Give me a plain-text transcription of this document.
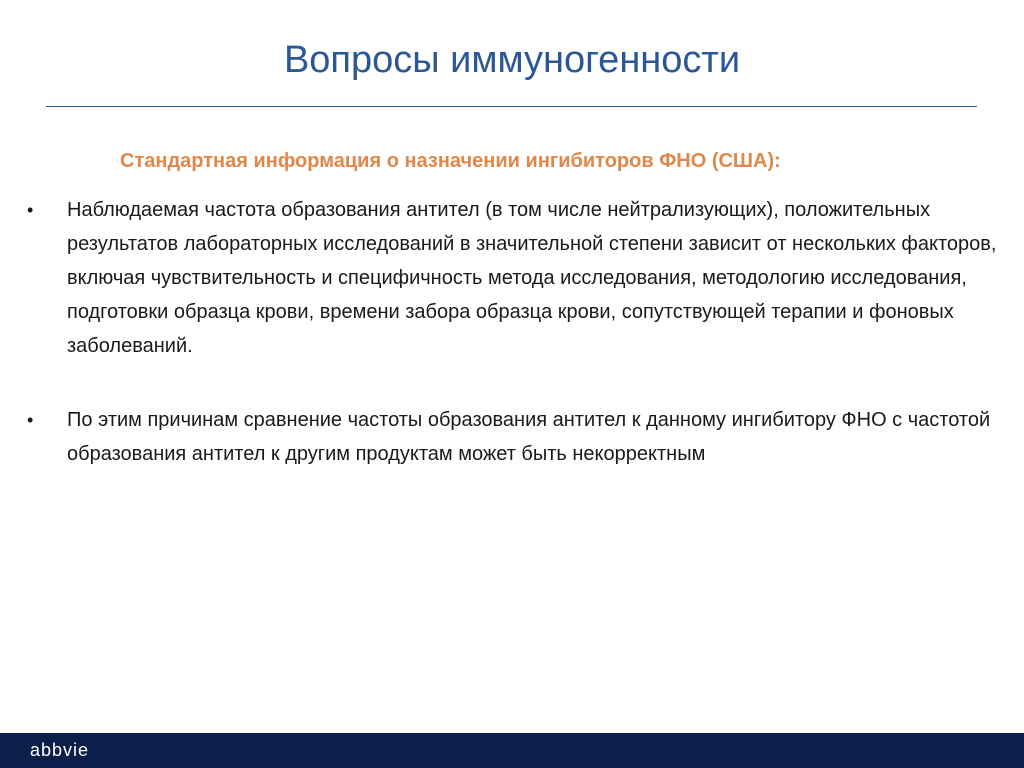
Вопросы иммуногенности
Стандартная информация о назначении ингибиторов ФНО (США):
• Наблюдаемая частота образования антител (в том числе нейтрализующих), положительных результатов лабораторных исследований в значительной степени зависит от нескольких факторов, включая чувствительность и специфичность метода исследования, методологию исследования, подготовки образца крови, времени забора образца крови, сопутствующей терапии и фоновых заболеваний.
• По этим причинам сравнение частоты образования антител к данному ингибитору ФНО с частотой образования антител к другим продуктам может быть некорректным
abbvie
